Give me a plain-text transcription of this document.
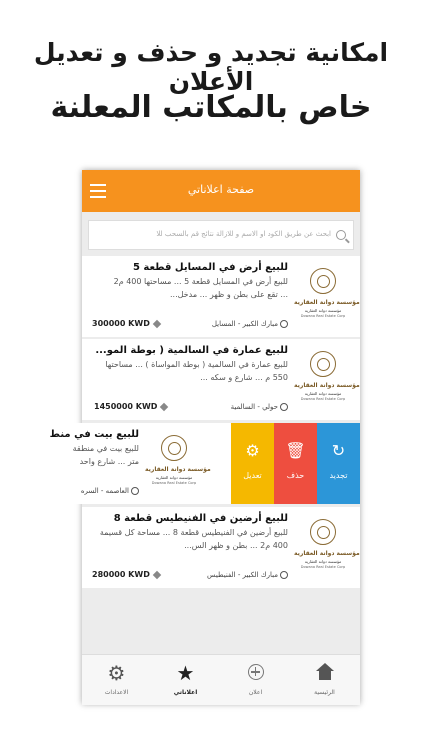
امكانية تجديد و حذف و تعديل الأعلان
خاص بالمكاتب المعلنة
صفحة اعلاناتي
ابحث عن طريق الكود او الاسم و للازالة نتائج قم بالسحب للا
مؤسسة دوانة العقارية
مؤسسة دوانة العقارية
Dowana Real Estate Corp
للبيع أرض في المسايل قطعة 5
للبيع أرض في المسايل قطعة 5 ... مساحتها 400 م2
... تقع على بطن و ظهر ... مدخل...
مبارك الكبير - المسايل
300000 KWD
مؤسسة دوانة العقارية
مؤسسة دوانة العقارية
Dowana Real Estate Corp
للبيع عمارة في السالمية ( بوطة المو...
للبيع عمارة في السالمية ( بوطة المواساة ) ... مساحتها
550 م ... شارع و سكه ...
حولي - السالمية
1450000 KWD
مؤسسة دوانة العقارية
مؤسسة دوانة العقارية
Dowana Real Estate Corp
للبيع بيت في منط
للبيع بيت في منطقة
متر ... شارع واحد
العاصمه - السره
⚙
تعديل
🗑
حذف
↻
تجديد
مؤسسة دوانة العقارية
مؤسسة دوانة العقارية
Dowana Real Estate Corp
للبيع أرضين في الفنيطيس قطعة 8
للبيع أرضين في الفنيطيس قطعة 8 ... مساحة كل قسيمة
400 م2 ... بطن و ظهر الس...
مبارك الكبير - الفنيطيس
280000 KWD
⚙
الاعدادات
★
اعلاناتي	اعلان	الرئيسية
